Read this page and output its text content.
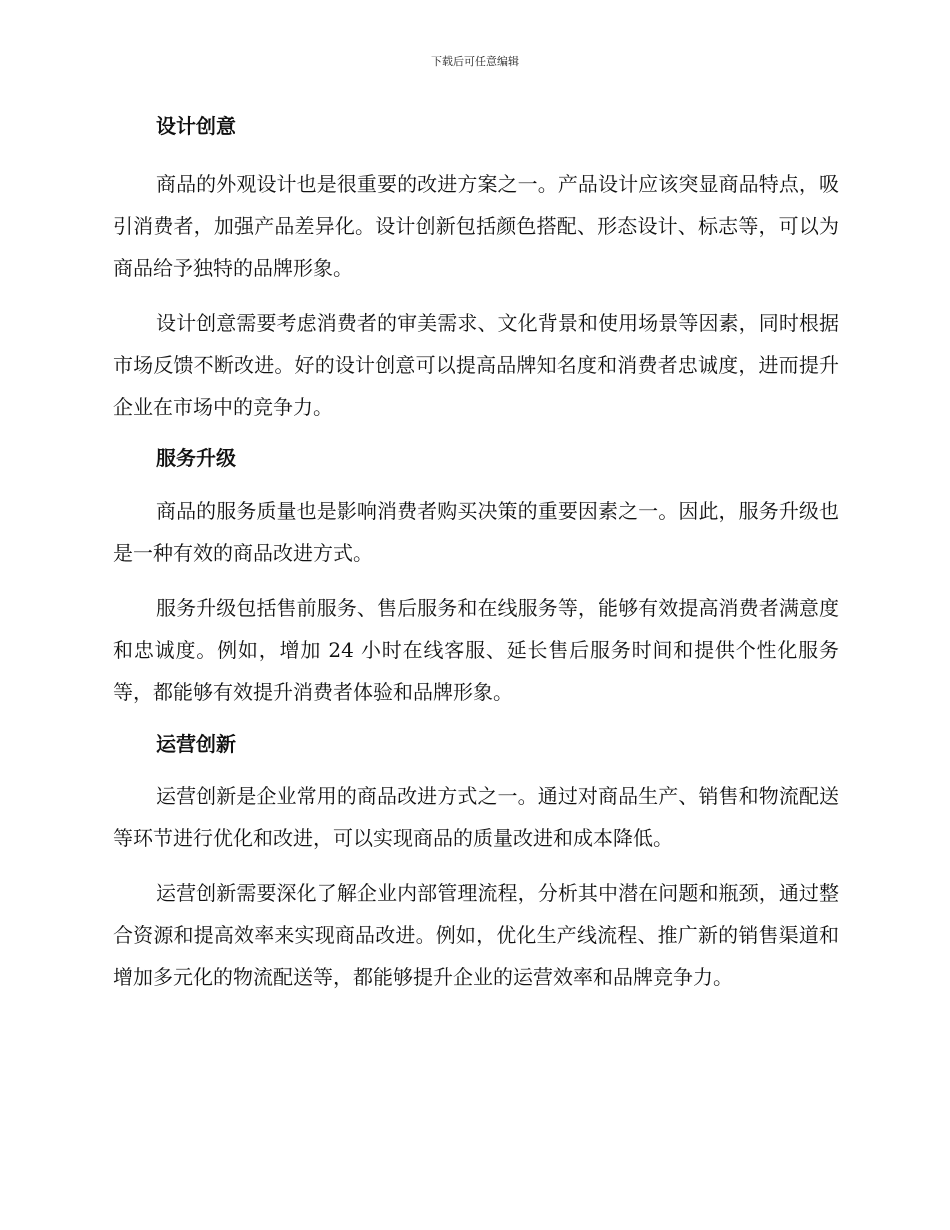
下载后可任意编辑
设计创意

商品的外观设计也是很重要的改进方案之一。产品设计应该突显商品特点，吸引消费者，加强产品差异化。设计创新包括颜色搭配、形态设计、标志等，可以为商品给予独特的品牌形象。

设计创意需要考虑消费者的审美需求、文化背景和使用场景等因素，同时根据市场反馈不断改进。好的设计创意可以提高品牌知名度和消费者忠诚度，进而提升企业在市场中的竞争力。

服务升级

商品的服务质量也是影响消费者购买决策的重要因素之一。因此，服务升级也是一种有效的商品改进方式。

服务升级包括售前服务、售后服务和在线服务等，能够有效提高消费者满意度和忠诚度。例如，增加 24 小时在线客服、延长售后服务时间和提供个性化服务等，都能够有效提升消费者体验和品牌形象。

运营创新

运营创新是企业常用的商品改进方式之一。通过对商品生产、销售和物流配送等环节进行优化和改进，可以实现商品的质量改进和成本降低。

运营创新需要深化了解企业内部管理流程，分析其中潜在问题和瓶颈，通过整合资源和提高效率来实现商品改进。例如，优化生产线流程、推广新的销售渠道和增加多元化的物流配送等，都能够提升企业的运营效率和品牌竞争力。
